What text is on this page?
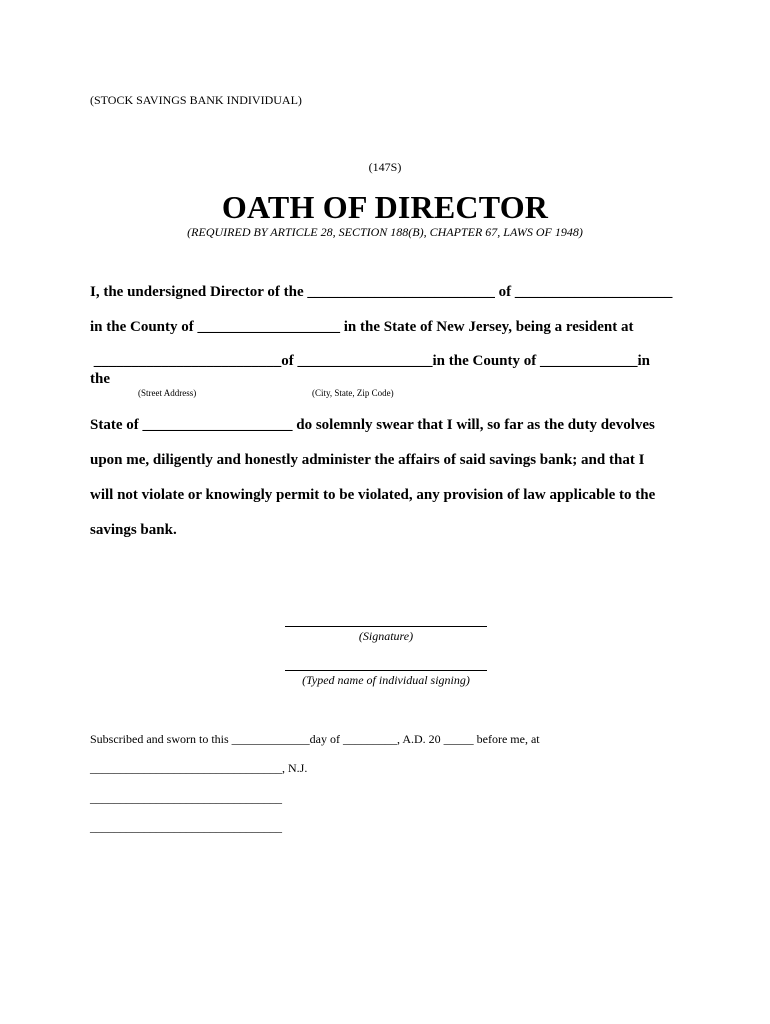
(STOCK SAVINGS BANK INDIVIDUAL)
(147S)
OATH OF DIRECTOR
(REQUIRED BY ARTICLE 28, SECTION 188(B), CHAPTER 67, LAWS OF 1948)
I, the undersigned Director of the _________________________ of _____________________
in the County of ___________________ in the State of New Jersey, being a resident at
_________________________of __________________in the County of _____________in
the
(Street Address)	(City, State, Zip Code)
State of ____________________ do solemnly swear that I will, so far as the duty devolves
upon me, diligently and honestly administer the affairs of said savings bank; and that I
will not violate or knowingly permit to be violated, any provision of law applicable to the
savings bank.
(Signature)
(Typed name of individual signing)
Subscribed and sworn to this _____________day of _________, A.D. 20 _____ before me, at
________________________________, N.J.
________________________________
________________________________
